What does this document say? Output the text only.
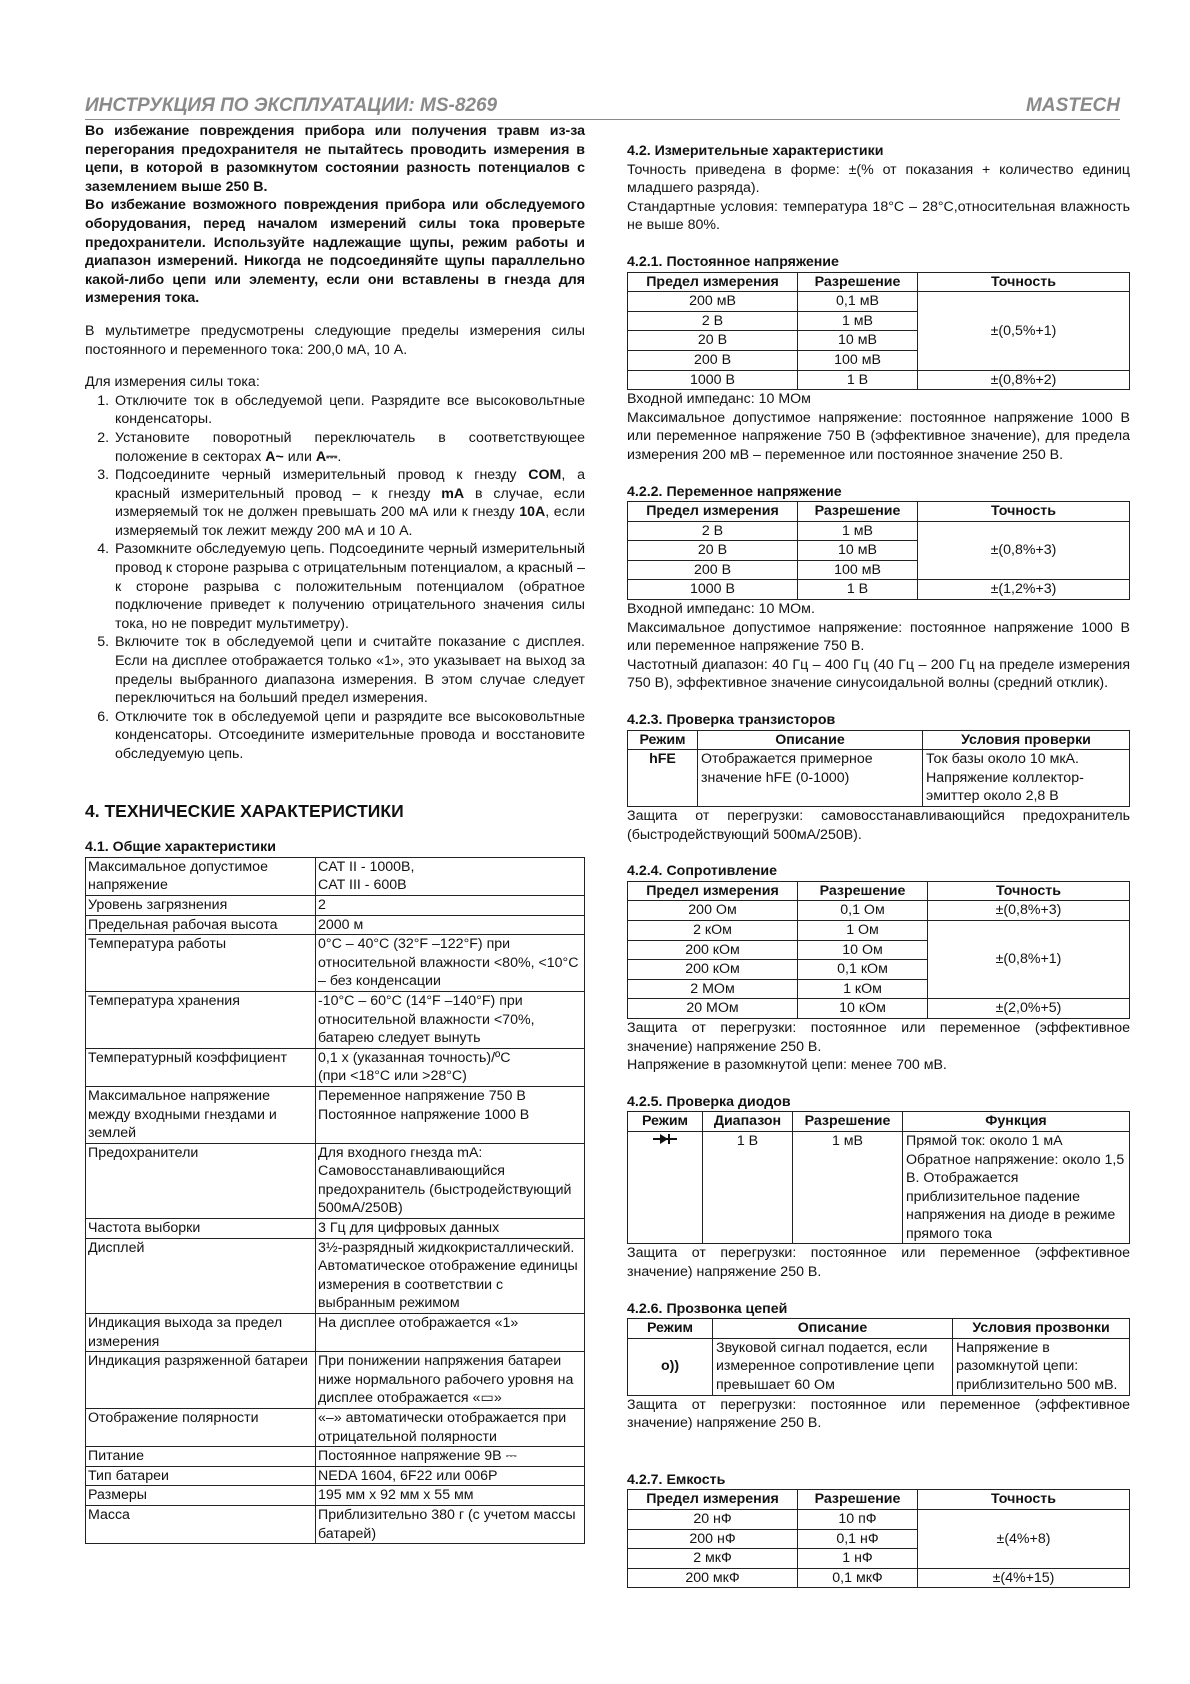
ИНСТРУКЦИЯ ПО ЭКСПЛУАТАЦИИ: MS-8269	MASTECH

Во избежание повреждения прибора или получения травм из-за перегорания предохранителя не пытайтесь проводить измерения в цепи, в которой в разомкнутом состоянии разность потенциалов с заземлением выше 250 В.

Во избежание возможного повреждения прибора или обследуемого оборудования, перед началом измерений силы тока проверьте предохранители. Используйте надлежащие щупы, режим работы и диапазон измерений. Никогда не подсоединяйте щупы параллельно какой-либо цепи или элементу, если они вставлены в гнезда для измерения тока.

В мультиметре предусмотрены следующие пределы измерения силы постоянного и переменного тока: 200,0 мА, 10 А.

Для измерения силы тока:

1. Отключите ток в обследуемой цепи. Разрядите все высоковольтные конденсаторы.
2. Установите поворотный переключатель в соответствующее положение в секторах A~ или A⎓.
3. Подсоедините черный измерительный провод к гнезду COM, а красный измерительный провод – к гнезду mA в случае, если измеряемый ток не должен превышать 200 мА или к гнезду 10A, если измеряемый ток лежит между 200 мА и 10 А.
4. Разомкните обследуемую цепь. Подсоедините черный измерительный провод к стороне разрыва с отрицательным потенциалом, а красный – к стороне разрыва с положительным потенциалом (обратное подключение приведет к получению отрицательного значения силы тока, но не повредит мультиметру).
5. Включите ток в обследуемой цепи и считайте показание с дисплея. Если на дисплее отображается только «1», это указывает на выход за пределы выбранного диапазона измерения. В этом случае следует переключиться на больший предел измерения.
6. Отключите ток в обследуемой цепи и разрядите все высоковольтные конденсаторы. Отсоедините измерительные провода и восстановите обследуемую цепь.
4. ТЕХНИЧЕСКИЕ ХАРАКТЕРИСТИКИ
4.1. Общие характеристики
Максимальное допустимое напряжение	CAT II - 1000В,
CAT III - 600В
Уровень загрязнения	2
Предельная рабочая высота	2000 м
Температура работы	0°C – 40°C (32°F –122°F) при относительной влажности <80%, <10°C – без конденсации
Температура хранения	-10°C – 60°C (14°F –140°F) при относительной влажности <70%, батарею следует вынуть
Температурный коэффициент	0,1 x (указанная точность)/ºC
(при <18°C или >28°C)
Максимальное напряжение между входными гнездами и землей	Переменное напряжение 750 В
Постоянное напряжение 1000 В
Предохранители	Для входного гнезда mA: Самовосстанавливающийся предохранитель (быстродействующий 500мА/250В)
Частота выборки	3 Гц для цифровых данных
Дисплей	3½-разрядный жидкокристаллический. Автоматическое отображение единицы измерения в соответствии с выбранным режимом
Индикация выхода за предел измерения	На дисплее отображается «1»
Индикация разряженной батареи	При понижении напряжения батареи ниже нормального рабочего уровня на дисплее отображается «▭»
Отображение полярности	«–» автоматически отображается при отрицательной полярности
Питание	Постоянное напряжение 9В ⎓
Тип батареи	NEDA 1604, 6F22 или 006P
Размеры	195 мм x 92 мм x 55 мм
Масса	Приблизительно 380 г (с учетом массы батарей)
4.2. Измерительные характеристики

Точность приведена в форме: ±(% от показания + количество единиц младшего разряда).

Стандартные условия: температура 18°C – 28°C,относительная влажность не выше 80%.

4.2.1. Постоянное напряжение
Предел измерения	Разрешение	Точность
200 мВ	0,1 мВ	±(0,5%+1)
2 В	1 мВ	
20 В	10 мВ	
200 В	100 мВ	
1000 В	1 В	±(0,8%+2)

Входной импеданс: 10 МОм

Максимальное допустимое напряжение: постоянное напряжение 1000 В или переменное напряжение 750 В (эффективное значение), для предела измерения 200 мВ – переменное или постоянное значение 250 В.

4.2.2. Переменное напряжение
Предел измерения	Разрешение	Точность
2 В	1 мВ	±(0,8%+3)
20 В	10 мВ	
200 В	100 мВ	
1000 В	1 В	±(1,2%+3)

Входной импеданс: 10 МОм.

Максимальное допустимое напряжение: постоянное напряжение 1000 В или переменное напряжение 750 В.

Частотный диапазон: 40 Гц – 400 Гц (40 Гц – 200 Гц на пределе измерения 750 В), эффективное значение синусоидальной волны (средний отклик).

4.2.3. Проверка транзисторов
Режим	Описание	Условия проверки
hFE	Отображается примерное значение hFE (0-1000)	Ток базы около 10 мкА. Напряжение коллектор-эмиттер около 2,8 В

Защита от перегрузки: самовосстанавливающийся предохранитель (быстродействующий 500мА/250В).

4.2.4. Сопротивление
Предел измерения	Разрешение	Точность
200 Ом	0,1 Ом	±(0,8%+3)
2 кОм	1 Ом	±(0,8%+1)
200 кОм	10 Ом	
200 кОм	0,1 кОм	
2 МОм	1 кОм	
20 МОм	10 кОм	±(2,0%+5)

Защита от перегрузки: постоянное или переменное (эффективное значение) напряжение 250 В.

Напряжение в разомкнутой цепи: менее 700 мВ.

4.2.5. Проверка диодов
Режим	Диапазон	Разрешение	Функция
	1 В	1 мВ	Прямой ток: около 1 мА Обратное напряжение: около 1,5 В. Отображается приблизительное падение напряжения на диоде в режиме прямого тока

Защита от перегрузки: постоянное или переменное (эффективное значение) напряжение 250 В.

4.2.6. Прозвонка цепей
Режим	Описание	Условия прозвонки
о))	Звуковой сигнал подается, если измеренное сопротивление цепи превышает 60 Ом	Напряжение в разомкнутой цепи: приблизительно 500 мВ.

Защита от перегрузки: постоянное или переменное (эффективное значение) напряжение 250 В.

4.2.7. Емкость
Предел измерения	Разрешение	Точность
20 нФ	10 пФ	±(4%+8)
200 нФ	0,1 нФ	
2 мкФ	1 нФ	
200 мкФ	0,1 мкФ	±(4%+15)
